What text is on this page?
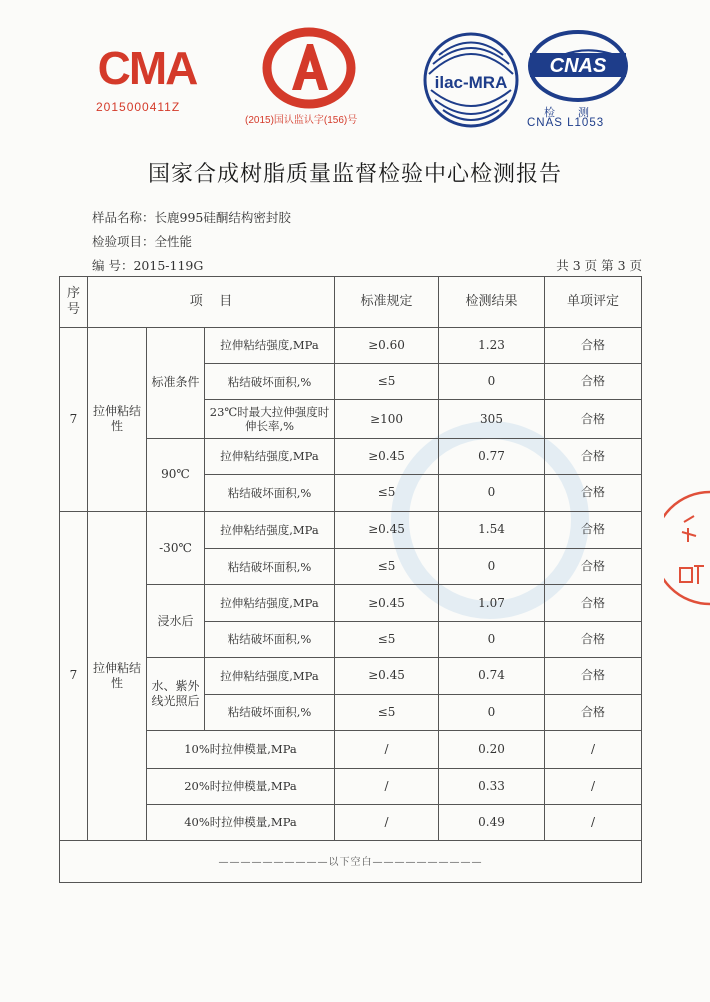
CMA
2015000411Z
(2015)国认监认字(156)号
ilac-MRA
CNAS
检 测
CNAS L1053
国家合成树脂质量监督检验中心检测报告
样品名称：长鹿995硅酮结构密封胶
检验项目：全性能
编 号：2015-119G	共 3 页 第 3 页
序号	项    目			标准规定	检测结果	单项评定
7	拉伸粘结性	标准条件	拉伸粘结强度,MPa	≥0.60	1.23	合格
			粘结破坏面积,%	≤5	0	合格
			23℃时最大拉伸强度时伸长率,%	≥100	305	合格
		90℃	拉伸粘结强度,MPa	≥0.45	0.77	合格
			粘结破坏面积,%	≤5	0	合格
7	拉伸粘结性	-30℃	拉伸粘结强度,MPa	≥0.45	1.54	合格
			粘结破坏面积,%	≤5	0	合格
		浸水后	拉伸粘结强度,MPa	≥0.45	1.07	合格
			粘结破坏面积,%	≤5	0	合格
		水、紫外线光照后	拉伸粘结强度,MPa	≥0.45	0.74	合格
			粘结破坏面积,%	≤5	0	合格
		10%时拉伸模量,MPa		/	0.20	/
		20%时拉伸模量,MPa		/	0.33	/
		40%时拉伸模量,MPa		/	0.49	/
——————————以下空白——————————						
